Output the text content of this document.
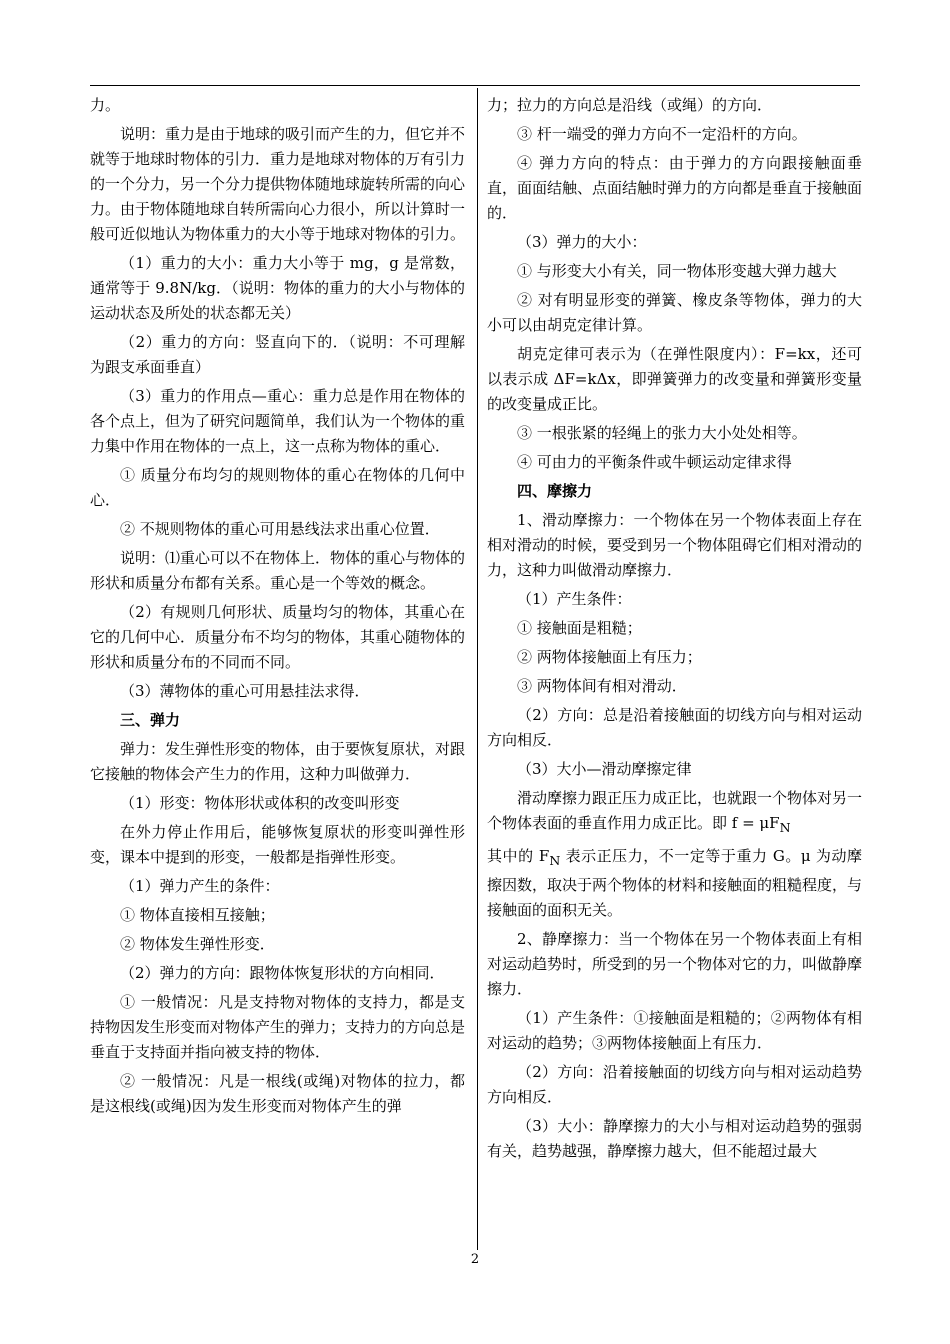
力。

说明：重力是由于地球的吸引而产生的力，但它并不就等于地球时物体的引力．重力是地球对物体的万有引力的一个分力，另一个分力提供物体随地球旋转所需的向心力。由于物体随地球自转所需向心力很小，所以计算时一般可近似地认为物体重力的大小等于地球对物体的引力。

（1）重力的大小：重力大小等于 mg，g 是常数，通常等于 9.8N/kg．（说明：物体的重力的大小与物体的运动状态及所处的状态都无关）

（2）重力的方向：竖直向下的．（说明：不可理解为跟支承面垂直）

（3）重力的作用点—重心：重力总是作用在物体的各个点上，但为了研究问题简单，我们认为一个物体的重力集中作用在物体的一点上，这一点称为物体的重心．

① 质量分布均匀的规则物体的重心在物体的几何中心．

② 不规则物体的重心可用悬线法求出重心位置．

说明：⑴重心可以不在物体上．物体的重心与物体的形状和质量分布都有关系。重心是一个等效的概念。

（2）有规则几何形状、质量均匀的物体，其重心在它的几何中心．质量分布不均匀的物体，其重心随物体的形状和质量分布的不同而不同。

（3）薄物体的重心可用悬挂法求得．

三、弹力

弹力：发生弹性形变的物体，由于要恢复原状，对跟它接触的物体会产生力的作用，这种力叫做弹力．

（1）形变：物体形状或体积的改变叫形变

在外力停止作用后，能够恢复原状的形变叫弹性形变，课本中提到的形变，一般都是指弹性形变。

（1）弹力产生的条件：

① 物体直接相互接触；

② 物体发生弹性形变．

（2）弹力的方向：跟物体恢复形状的方向相同．

① 一般情况：凡是支持物对物体的支持力，都是支持物因发生形变而对物体产生的弹力；支持力的方向总是垂直于支持面并指向被支持的物体．

② 一般情况：凡是一根线(或绳)对物体的拉力，都是这根线(或绳)因为发生形变而对物体产生的弹

力；拉力的方向总是沿线（或绳）的方向．

③ 杆一端受的弹力方向不一定沿杆的方向。

④ 弹力方向的特点：由于弹力的方向跟接触面垂直，面面结触、点面结触时弹力的方向都是垂直于接触面的．

（3）弹力的大小：

① 与形变大小有关，同一物体形变越大弹力越大

② 对有明显形变的弹簧、橡皮条等物体，弹力的大小可以由胡克定律计算。

胡克定律可表示为（在弹性限度内）：F=kx，还可以表示成 ΔF=kΔx，即弹簧弹力的改变量和弹簧形变量的改变量成正比。

③ 一根张紧的轻绳上的张力大小处处相等。

④ 可由力的平衡条件或牛顿运动定律求得

四、摩擦力

1、滑动摩擦力：一个物体在另一个物体表面上存在相对滑动的时候，要受到另一个物体阻碍它们相对滑动的力，这种力叫做滑动摩擦力．

（1）产生条件：

① 接触面是粗糙；

② 两物体接触面上有压力；

③ 两物体间有相对滑动．

（2）方向：总是沿着接触面的切线方向与相对运动方向相反．

（3）大小—滑动摩擦定律

滑动摩擦力跟正压力成正比，也就跟一个物体对另一个物体表面的垂直作用力成正比。即 $f = \mu F_N$

其中的 $F_N$ 表示正压力，不一定等于重力 G。μ 为动摩擦因数，取决于两个物体的材料和接触面的粗糙程度，与接触面的面积无关。

2、静摩擦力：当一个物体在另一个物体表面上有相对运动趋势时，所受到的另一个物体对它的力，叫做静摩擦力．

（1）产生条件：①接触面是粗糙的；②两物体有相对运动的趋势；③两物体接触面上有压力．

（2）方向：沿着接触面的切线方向与相对运动趋势方向相反．

（3）大小：静摩擦力的大小与相对运动趋势的强弱有关，趋势越强，静摩擦力越大，但不能超过最大

2
